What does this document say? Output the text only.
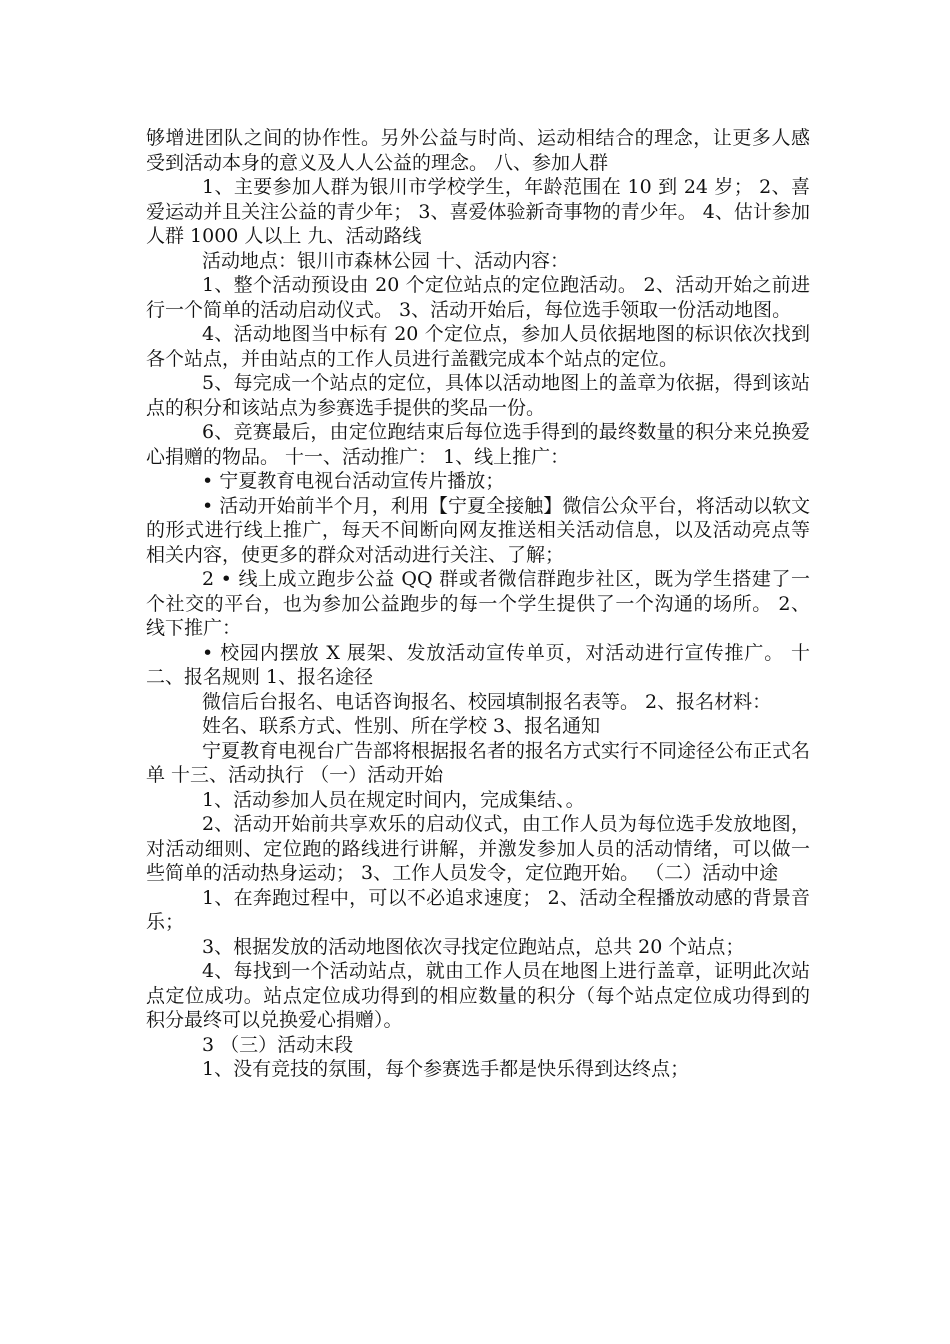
够增进团队之间的协作性。另外公益与时尚、运动相结合的理念，让更多人感受到活动本身的意义及人人公益的理念。 八、参加人群

1、主要参加人群为银川市学校学生，年龄范围在 10 到 24 岁； 2、喜爱运动并且关注公益的青少年； 3、喜爱体验新奇事物的青少年。 4、估计参加人群 1000 人以上 九、活动路线

活动地点：银川市森林公园 十、活动内容：

1、整个活动预设由 20 个定位站点的定位跑活动。 2、活动开始之前进行一个简单的活动启动仪式。 3、活动开始后，每位选手领取一份活动地图。

4、活动地图当中标有 20 个定位点，参加人员依据地图的标识依次找到各个站点，并由站点的工作人员进行盖戳完成本个站点的定位。

5、每完成一个站点的定位，具体以活动地图上的盖章为依据，得到该站点的积分和该站点为参赛选手提供的奖品一份。

6、竞赛最后，由定位跑结束后每位选手得到的最终数量的积分来兑换爱心捐赠的物品。 十一、活动推广： 1、线上推广：

• 宁夏教育电视台活动宣传片播放；

• 活动开始前半个月，利用【宁夏全接触】微信公众平台，将活动以软文的形式进行线上推广，每天不间断向网友推送相关活动信息，以及活动亮点等相关内容，使更多的群众对活动进行关注、了解；

2 • 线上成立跑步公益 QQ 群或者微信群跑步社区，既为学生搭建了一个社交的平台，也为参加公益跑步的每一个学生提供了一个沟通的场所。 2、线下推广：

• 校园内摆放 X 展架、发放活动宣传单页，对活动进行宣传推广。 十二、报名规则 1、报名途径

微信后台报名、电话咨询报名、校园填制报名表等。 2、报名材料：

姓名、联系方式、性别、所在学校 3、报名通知

宁夏教育电视台广告部将根据报名者的报名方式实行不同途径公布正式名单 十三、活动执行 （一）活动开始

1、活动参加人员在规定时间内，完成集结、。

2、活动开始前共享欢乐的启动仪式，由工作人员为每位选手发放地图，对活动细则、定位跑的路线进行讲解，并激发参加人员的活动情绪，可以做一些简单的活动热身运动； 3、工作人员发令，定位跑开始。 （二）活动中途

1、在奔跑过程中，可以不必追求速度； 2、活动全程播放动感的背景音乐；

3、根据发放的活动地图依次寻找定位跑站点，总共 20 个站点；

4、每找到一个活动站点，就由工作人员在地图上进行盖章，证明此次站点定位成功。站点定位成功得到的相应数量的积分（每个站点定位成功得到的积分最终可以兑换爱心捐赠）。

3 （三）活动末段

1、没有竞技的氛围，每个参赛选手都是快乐得到达终点；
